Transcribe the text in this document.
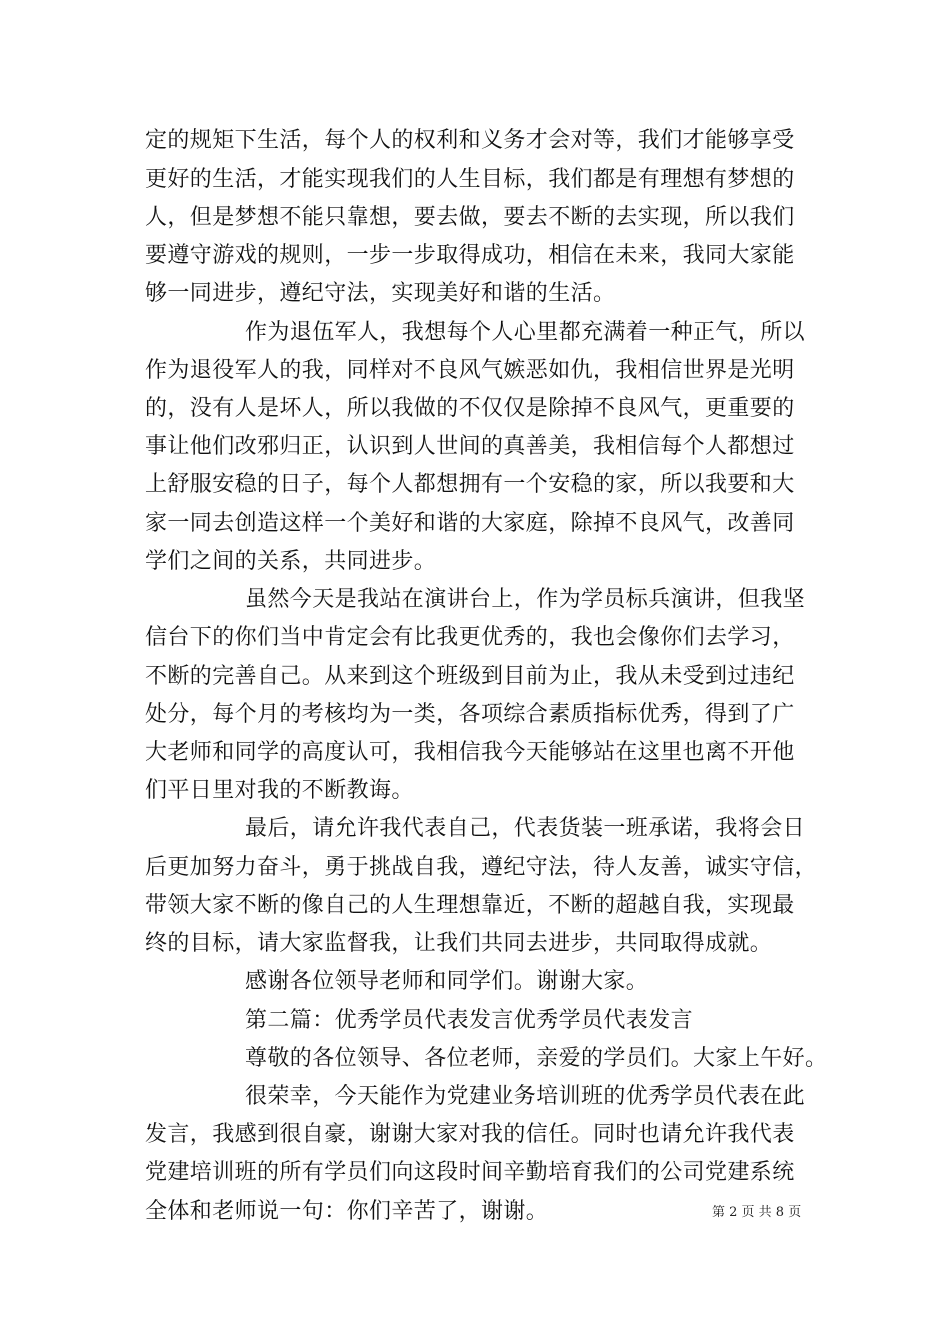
定的规矩下生活，每个人的权利和义务才会对等，我们才能够享受
更好的生活，才能实现我们的人生目标，我们都是有理想有梦想的
人，但是梦想不能只靠想，要去做，要去不断的去实现，所以我们
要遵守游戏的规则，一步一步取得成功，相信在未来，我同大家能
够一同进步，遵纪守法，实现美好和谐的生活。
作为退伍军人，我想每个人心里都充满着一种正气，所以
作为退役军人的我，同样对不良风气嫉恶如仇，我相信世界是光明
的，没有人是坏人，所以我做的不仅仅是除掉不良风气，更重要的
事让他们改邪归正，认识到人世间的真善美，我相信每个人都想过
上舒服安稳的日子，每个人都想拥有一个安稳的家，所以我要和大
家一同去创造这样一个美好和谐的大家庭，除掉不良风气，改善同
学们之间的关系，共同进步。
虽然今天是我站在演讲台上，作为学员标兵演讲，但我坚
信台下的你们当中肯定会有比我更优秀的，我也会像你们去学习，
不断的完善自己。从来到这个班级到目前为止，我从未受到过违纪
处分，每个月的考核均为一类，各项综合素质指标优秀，得到了广
大老师和同学的高度认可，我相信我今天能够站在这里也离不开他
们平日里对我的不断教诲。
最后，请允许我代表自己，代表货装一班承诺，我将会日
后更加努力奋斗，勇于挑战自我，遵纪守法，待人友善，诚实守信，
带领大家不断的像自己的人生理想靠近，不断的超越自我，实现最
终的目标，请大家监督我，让我们共同去进步，共同取得成就。
感谢各位领导老师和同学们。谢谢大家。
第二篇：优秀学员代表发言优秀学员代表发言
尊敬的各位领导、各位老师，亲爱的学员们。大家上午好。
很荣幸，今天能作为党建业务培训班的优秀学员代表在此
发言，我感到很自豪，谢谢大家对我的信任。同时也请允许我代表
党建培训班的所有学员们向这段时间辛勤培育我们的公司党建系统
全体和老师说一句：你们辛苦了，谢谢。	第 2 页 共 8 页
